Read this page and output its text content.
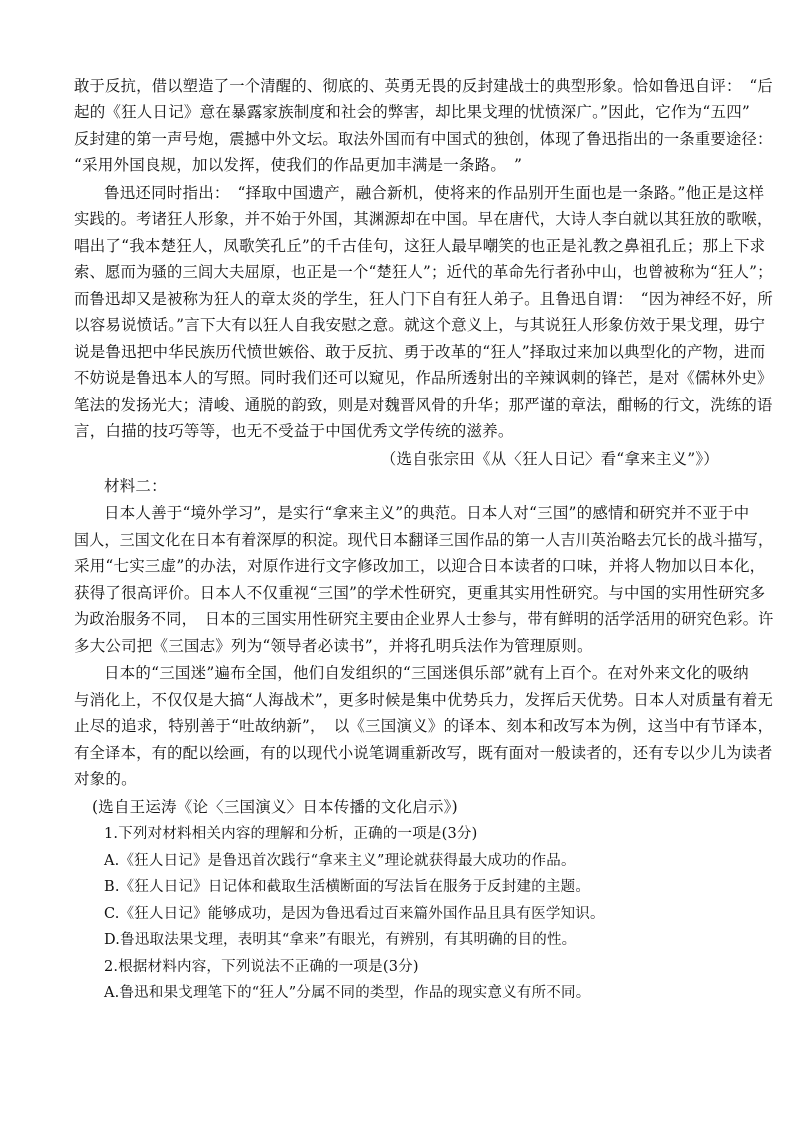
敢于反抗，借以塑造了一个清醒的、彻底的、英勇无畏的反封建战士的典型形象。恰如鲁迅自评：　“后
起的《狂人日记》意在暴露家族制度和社会的弊害，却比果戈理的忧愤深广。”因此，它作为“五四”
反封建的第一声号炮，震撼中外文坛。取法外国而有中国式的独创，体现了鲁迅指出的一条重要途径：
“采用外国良规，加以发挥，使我们的作品更加丰满是一条路。　”
鲁迅还同时指出：　“择取中国遗产，融合新机，使将来的作品别开生面也是一条路。”他正是这样
实践的。考诸狂人形象，并不始于外国，其渊源却在中国。早在唐代，大诗人李白就以其狂放的歌喉，
唱出了“我本楚狂人，凤歌笑孔丘”的千古佳句，这狂人最早嘲笑的也正是礼教之鼻祖孔丘；那上下求
索、愿而为骚的三闾大夫屈原，也正是一个“楚狂人”；近代的革命先行者孙中山，也曾被称为“狂人”；
而鲁迅却又是被称为狂人的章太炎的学生，狂人门下自有狂人弟子。且鲁迅自谓：　“因为神经不好，所
以容易说愤话。”言下大有以狂人自我安慰之意。就这个意义上，与其说狂人形象仿效于果戈理，毋宁
说是鲁迅把中华民族历代愤世嫉俗、敢于反抗、勇于改革的“狂人”择取过来加以典型化的产物，进而
不妨说是鲁迅本人的写照。同时我们还可以窥见，作品所透射出的辛辣讽刺的锋芒，是对《儒林外史》
笔法的发扬光大；清峻、通脱的韵致，则是对魏晋风骨的升华；那严谨的章法，酣畅的行文，洗练的语
言，白描的技巧等等，也无不受益于中国优秀文学传统的滋养。
（选自张宗田《从〈狂人日记〉看“拿来主义”》）
材料二：
日本人善于“境外学习”，是实行“拿来主义”的典范。日本人对“三国”的感情和研究并不亚于中
国人，三国文化在日本有着深厚的积淀。现代日本翻译三国作品的第一人吉川英治略去冗长的战斗描写，
采用“七实三虚”的办法，对原作进行文字修改加工，以迎合日本读者的口味，并将人物加以日本化，
获得了很高评价。日本人不仅重视“三国”的学术性研究，更重其实用性研究。与中国的实用性研究多
为政治服务不同，　日本的三国实用性研究主要由企业界人士参与，带有鲜明的活学活用的研究色彩。许
多大公司把《三国志》列为“领导者必读书”，并将孔明兵法作为管理原则。
日本的“三国迷”遍布全国，他们自发组织的“三国迷俱乐部”就有上百个。在对外来文化的吸纳
与消化上，不仅仅是大搞“人海战术”，更多时候是集中优势兵力，发挥后天优势。日本人对质量有着无
止尽的追求，特别善于“吐故纳新”，　以《三国演义》的译本、刻本和改写本为例，这当中有节译本，
有全译本，有的配以绘画，有的以现代小说笔调重新改写，既有面对一般读者的，还有专以少儿为读者
对象的。
(选自王运涛《论〈三国演义〉日本传播的文化启示》)
1.下列对材料相关内容的理解和分析，正确的一项是(3分)
A.《狂人日记》是鲁迅首次践行“拿来主义”理论就获得最大成功的作品。
B.《狂人日记》日记体和截取生活横断面的写法旨在服务于反封建的主题。
C.《狂人日记》能够成功，是因为鲁迅看过百来篇外国作品且具有医学知识。
D.鲁迅取法果戈理，表明其“拿来”有眼光，有辨别，有其明确的目的性。
2.根据材料内容，下列说法不正确的一项是(3分)
A.鲁迅和果戈理笔下的“狂人”分属不同的类型，作品的现实意义有所不同。
